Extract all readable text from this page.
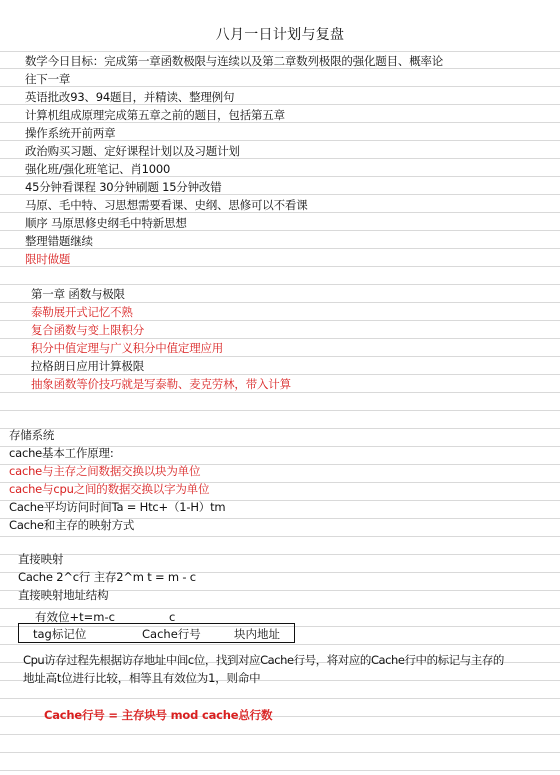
八月一日计划与复盘
数学今日目标：完成第一章函数极限与连续以及第二章数列极限的强化题目、概率论
往下一章
英语批改93、94题目，并精读、整理例句
计算机组成原理完成第五章之前的题目，包括第五章
操作系统开前两章
政治购买习题、定好课程计划以及习题计划
强化班/强化班笔记、肖1000
45分钟看课程 30分钟刷题 15分钟改错
马原、毛中特、习思想需要看课、史纲、思修可以不看课
顺序 马原思修史纲毛中特新思想
整理错题继续
限时做题
第一章 函数与极限
泰勒展开式记忆不熟
复合函数与变上限积分
积分中值定理与广义积分中值定理应用
拉格朗日应用计算极限
抽象函数等价技巧就是写泰勒、麦克劳林，带入计算
存储系统
cache基本工作原理:
cache与主存之间数据交换以块为单位
cache与cpu之间的数据交换以字为单位
Cache平均访问时间Ta = Htc+（1-H）tm
Cache和主存的映射方式
直接映射
Cache 2^c行 主存2^m t = m - c
直接映射地址结构
有效位+t=m-c	c
tag标记位	Cache行号	块内地址
Cpu访存过程先根据访存地址中间c位，找到对应Cache行号，将对应的Cache行中的标记与主存的
地址高t位进行比较，相等且有效位为1，则命中
Cache行号 = 主存块号 mod cache总行数
